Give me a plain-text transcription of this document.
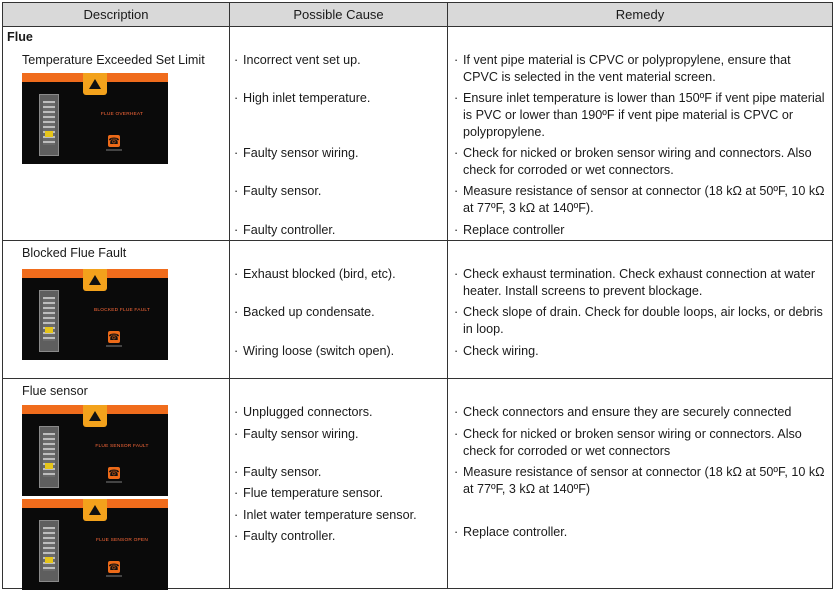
Description	Possible Cause	Remedy
Flue
Temperature Exceeded Set Limit
FLUE OVERHEAT
☎
· Incorrect vent set up.
· High inlet temperature.
· Faulty sensor wiring.
· Faulty sensor.
· Faulty controller.
· If vent pipe material is CPVC or polypropylene, ensure that CPVC is selected in the vent material screen.
· Ensure inlet temperature is lower than 150ºF if vent pipe material is PVC or lower than 190ºF if vent pipe material is CPVC or polypropylene.
· Check for nicked or broken sensor wiring and connectors. Also check for corroded or wet connectors.
· Measure resistance of sensor at connector (18 kΩ at 50ºF, 10 kΩ at 77ºF, 3 kΩ at 140ºF).
· Replace controller
Blocked Flue Fault
BLOCKED FLUE FAULT
☎
· Exhaust blocked (bird, etc).
· Backed up condensate.
· Wiring loose (switch open).
· Check exhaust termination. Check exhaust connection at water heater. Install screens to prevent blockage.
· Check slope of drain. Check for double loops, air locks, or debris in loop.
· Check wiring.
Flue sensor
FLUE SENSOR FAULT
☎
FLUE SENSOR OPEN
☎
· Unplugged connectors.
· Faulty sensor wiring.
· Faulty sensor.
· Flue temperature sensor.
· Inlet water temperature sensor.
· Faulty controller.
· Check connectors and ensure they are securely connected
· Check for nicked or broken sensor wiring or connectors. Also check for corroded or wet connectors
· Measure resistance of sensor at connector (18 kΩ at 50ºF, 10 kΩ at 77ºF, 3 kΩ at 140ºF)
· Replace controller.
